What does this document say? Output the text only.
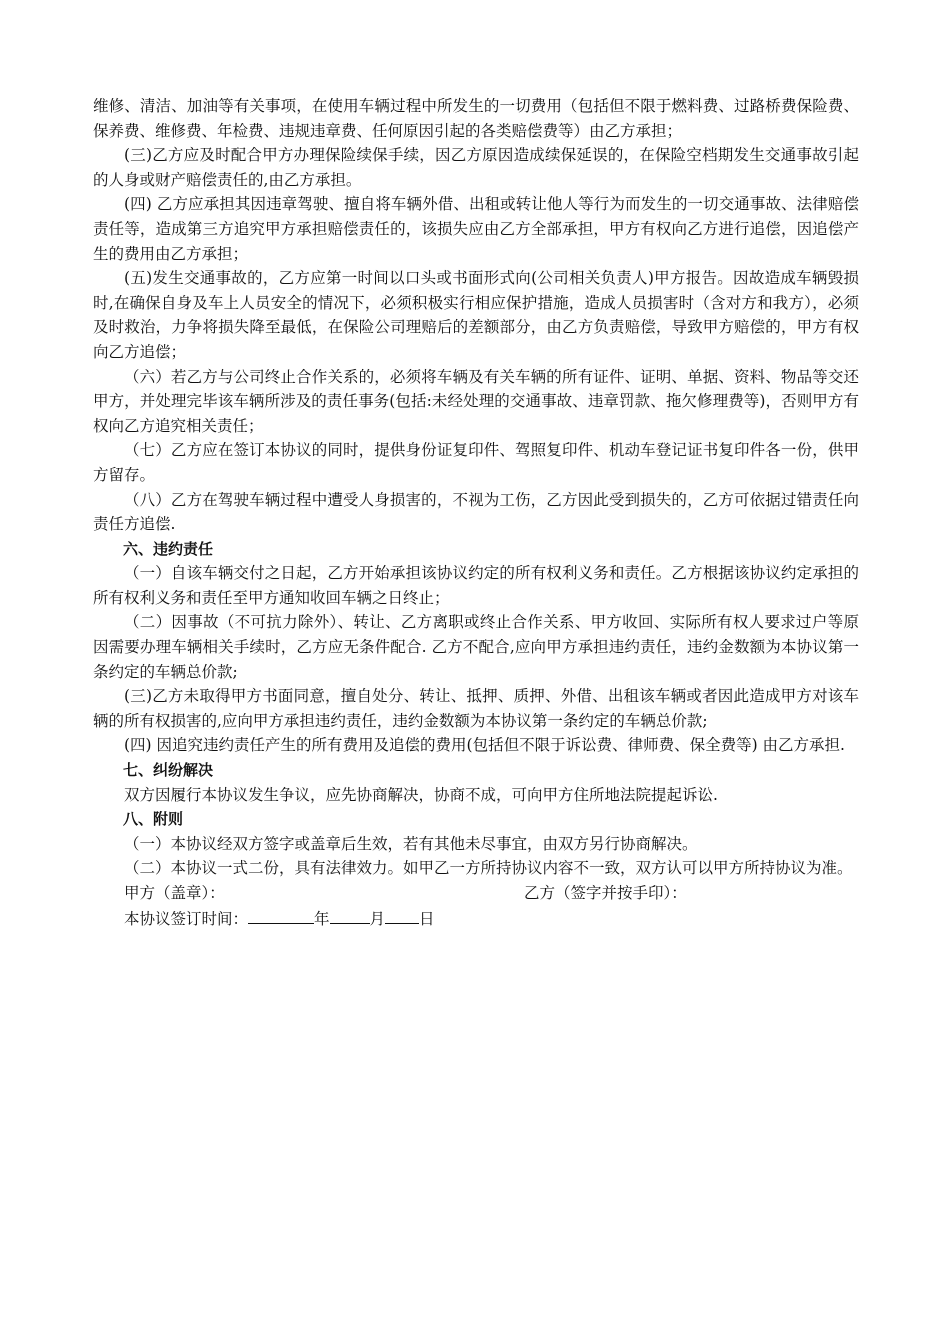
维修、清洁、加油等有关事项，在使用车辆过程中所发生的一切费用（包括但不限于燃料费、过路桥费保险费、保养费、维修费、年检费、违规违章费、任何原因引起的各类赔偿费等）由乙方承担；

(三)乙方应及时配合甲方办理保险续保手续，因乙方原因造成续保延误的，在保险空档期发生交通事故引起的人身或财产赔偿责任的,由乙方承担。

(四) 乙方应承担其因违章驾驶、擅自将车辆外借、出租或转让他人等行为而发生的一切交通事故、法律赔偿责任等，造成第三方追究甲方承担赔偿责任的，该损失应由乙方全部承担，甲方有权向乙方进行追偿，因追偿产生的费用由乙方承担；

(五)发生交通事故的，乙方应第一时间以口头或书面形式向(公司相关负责人)甲方报告。因故造成车辆毁损时,在确保自身及车上人员安全的情况下，必须积极实行相应保护措施，造成人员损害时（含对方和我方），必须及时救治，力争将损失降至最低，在保险公司理赔后的差额部分，由乙方负责赔偿，导致甲方赔偿的，甲方有权向乙方追偿；

（六）若乙方与公司终止合作关系的，必须将车辆及有关车辆的所有证件、证明、单据、资料、物品等交还甲方，并处理完毕该车辆所涉及的责任事务(包括:未经处理的交通事故、违章罚款、拖欠修理费等)，否则甲方有权向乙方追究相关责任；

（七）乙方应在签订本协议的同时，提供身份证复印件、驾照复印件、机动车登记证书复印件各一份，供甲方留存。

（八）乙方在驾驶车辆过程中遭受人身损害的，不视为工伤，乙方因此受到损失的，乙方可依据过错责任向责任方追偿.

六、违约责任

（一）自该车辆交付之日起，乙方开始承担该协议约定的所有权利义务和责任。乙方根据该协议约定承担的所有权利义务和责任至甲方通知收回车辆之日终止；

（二）因事故（不可抗力除外）、转让、乙方离职或终止合作关系、甲方收回、实际所有权人要求过户等原因需要办理车辆相关手续时，乙方应无条件配合. 乙方不配合,应向甲方承担违约责任，违约金数额为本协议第一条约定的车辆总价款;

(三)乙方未取得甲方书面同意，擅自处分、转让、抵押、质押、外借、出租该车辆或者因此造成甲方对该车辆的所有权损害的,应向甲方承担违约责任，违约金数额为本协议第一条约定的车辆总价款;

(四) 因追究违约责任产生的所有费用及追偿的费用(包括但不限于诉讼费、律师费、保全费等) 由乙方承担.

七、纠纷解决

双方因履行本协议发生争议，应先协商解决，协商不成，可向甲方住所地法院提起诉讼.

八、附则

（一）本协议经双方签字或盖章后生效，若有其他未尽事宜，由双方另行协商解决。

（二）本协议一式二份，具有法律效力。如甲乙一方所持协议内容不一致，双方认可以甲方所持协议为准。

甲方（盖章）：	乙方（签字并按手印）：

本协议签订时间：	年	月 日
